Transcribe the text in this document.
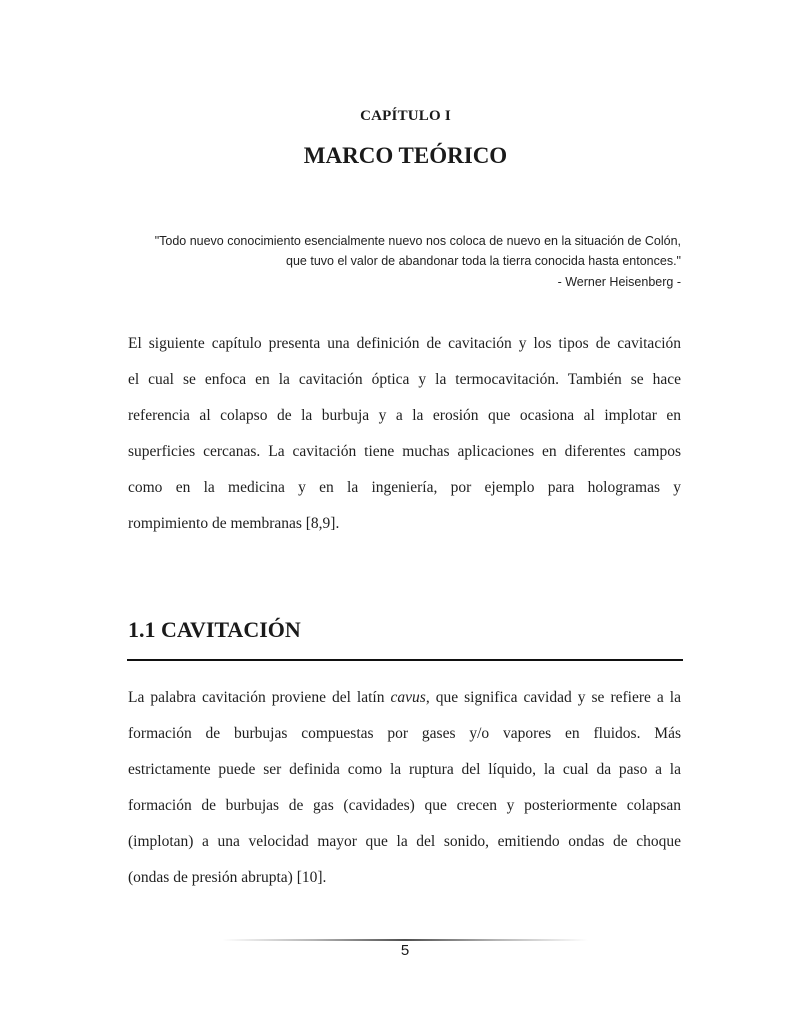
CAPÍTULO I
MARCO TEÓRICO
"Todo nuevo conocimiento esencialmente nuevo nos coloca de nuevo en la situación de Colón,
que tuvo el valor de abandonar toda la tierra conocida hasta entonces."
- Werner Heisenberg -
El siguiente capítulo presenta una definición de cavitación y los tipos de cavitación
el cual se enfoca en la cavitación óptica y la termocavitación. También se hace
referencia al colapso de la burbuja y a la erosión que ocasiona al implotar en
superficies cercanas. La cavitación tiene muchas aplicaciones en diferentes campos
como en la medicina y en la ingeniería, por ejemplo para hologramas y
rompimiento de membranas [8,9].
1.1 CAVITACIÓN
La palabra cavitación proviene del latín cavus, que significa cavidad y se refiere a la
formación de burbujas compuestas por gases y/o vapores en fluidos. Más
estrictamente puede ser definida como la ruptura del líquido, la cual da paso a la
formación de burbujas de gas (cavidades) que crecen y posteriormente colapsan
(implotan) a una velocidad mayor que la del sonido, emitiendo ondas de choque
(ondas de presión abrupta) [10].
5
